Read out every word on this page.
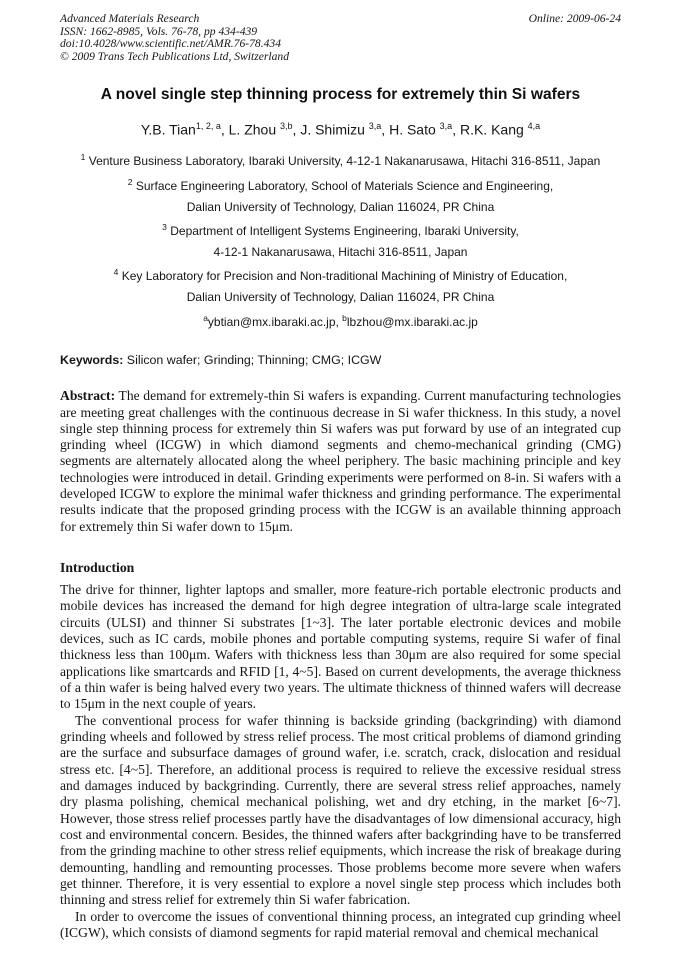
Advanced Materials Research
ISSN: 1662-8985, Vols. 76-78, pp 434-439
doi:10.4028/www.scientific.net/AMR.76-78.434
© 2009 Trans Tech Publications Ltd, Switzerland
Online: 2009-06-24
A novel single step thinning process for extremely thin Si wafers
Y.B. Tian$^{1, 2, a}$, L. Zhou $^{3,b}$, J. Shimizu $^{3,a}$, H. Sato $^{3,a}$, R.K. Kang $^{4,a}$
$^1$ Venture Business Laboratory, Ibaraki University, 4-12-1 Nakanarusawa, Hitachi 316-8511, Japan
$^2$ Surface Engineering Laboratory, School of Materials Science and Engineering,
Dalian University of Technology, Dalian 116024, PR China
$^3$ Department of Intelligent Systems Engineering, Ibaraki University,
4-12-1 Nakanarusawa, Hitachi 316-8511, Japan
$^4$ Key Laboratory for Precision and Non-traditional Machining of Ministry of Education,
Dalian University of Technology, Dalian 116024, PR China
$^a$ybtian@mx.ibaraki.ac.jp, $^b$lbzhou@mx.ibaraki.ac.jp
Keywords: Silicon wafer; Grinding; Thinning; CMG; ICGW

Abstract: The demand for extremely-thin Si wafers is expanding. Current manufacturing technologies are meeting great challenges with the continuous decrease in Si wafer thickness. In this study, a novel single step thinning process for extremely thin Si wafers was put forward by use of an integrated cup grinding wheel (ICGW) in which diamond segments and chemo-mechanical grinding (CMG) segments are alternately allocated along the wheel periphery. The basic machining principle and key technologies were introduced in detail. Grinding experiments were performed on 8-in. Si wafers with a developed ICGW to explore the minimal wafer thickness and grinding performance. The experimental results indicate that the proposed grinding process with the ICGW is an available thinning approach for extremely thin Si wafer down to 15μm.

Introduction

The drive for thinner, lighter laptops and smaller, more feature-rich portable electronic products and mobile devices has increased the demand for high degree integration of ultra-large scale integrated circuits (ULSI) and thinner Si substrates [1~3]. The later portable electronic devices and mobile devices, such as IC cards, mobile phones and portable computing systems, require Si wafer of final thickness less than 100μm. Wafers with thickness less than 30μm are also required for some special applications like smartcards and RFID [1, 4~5]. Based on current developments, the average thickness of a thin wafer is being halved every two years. The ultimate thickness of thinned wafers will decrease to 15μm in the next couple of years.

The conventional process for wafer thinning is backside grinding (backgrinding) with diamond grinding wheels and followed by stress relief process. The most critical problems of diamond grinding are the surface and subsurface damages of ground wafer, i.e. scratch, crack, dislocation and residual stress etc. [4~5]. Therefore, an additional process is required to relieve the excessive residual stress and damages induced by backgrinding. Currently, there are several stress relief approaches, namely dry plasma polishing, chemical mechanical polishing, wet and dry etching, in the market [6~7]. However, those stress relief processes partly have the disadvantages of low dimensional accuracy, high cost and environmental concern. Besides, the thinned wafers after backgrinding have to be transferred from the grinding machine to other stress relief equipments, which increase the risk of breakage during demounting, handling and remounting processes. Those problems become more severe when wafers get thinner. Therefore, it is very essential to explore a novel single step process which includes both thinning and stress relief for extremely thin Si wafer fabrication.

In order to overcome the issues of conventional thinning process, an integrated cup grinding wheel (ICGW), which consists of diamond segments for rapid material removal and chemical mechanical
